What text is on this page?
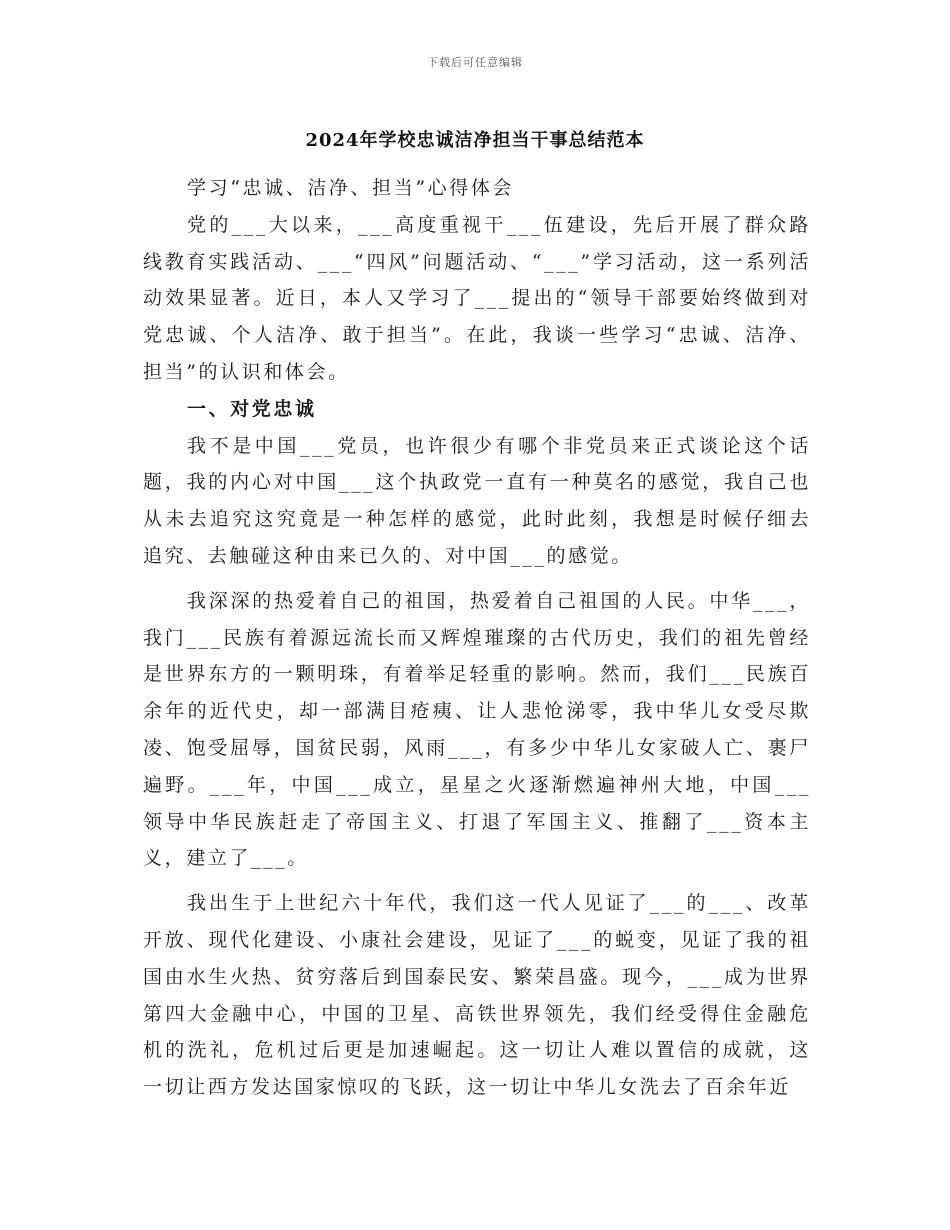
下载后可任意编辑
2024年学校忠诚洁净担当干事总结范本

学习“忠诚、洁净、担当”心得体会

党的___大以来，___高度重视干___伍建设，先后开展了群众路线教育实践活动、___“四风”问题活动、“___”学习活动，这一系列活动效果显著。近日，本人又学习了___提出的“领导干部要始终做到对党忠诚、个人洁净、敢于担当”。在此，我谈一些学习“忠诚、洁净、担当”的认识和体会。

一、对党忠诚

我不是中国___党员，也许很少有哪个非党员来正式谈论这个话题，我的内心对中国___这个执政党一直有一种莫名的感觉，我自己也从未去追究这究竟是一种怎样的感觉，此时此刻，我想是时候仔细去追究、去触碰这种由来已久的、对中国___的感觉。

我深深的热爱着自己的祖国，热爱着自己祖国的人民。中华___，我门___民族有着源远流长而又辉煌璀璨的古代历史，我们的祖先曾经是世界东方的一颗明珠，有着举足轻重的影响。然而，我们___民族百余年的近代史，却一部满目疮痍、让人悲怆涕零，我中华儿女受尽欺凌、饱受屈辱，国贫民弱，风雨___，有多少中华儿女家破人亡、裹尸遍野。___年，中国___成立，星星之火逐渐燃遍神州大地，中国___领导中华民族赶走了帝国主义、打退了军国主义、推翻了___资本主义，建立了___。

我出生于上世纪六十年代，我们这一代人见证了___的___、改革开放、现代化建设、小康社会建设，见证了___的蜕变，见证了我的祖国由水生火热、贫穷落后到国泰民安、繁荣昌盛。现今，___成为世界第四大金融中心，中国的卫星、高铁世界领先，我们经受得住金融危机的洗礼，危机过后更是加速崛起。这一切让人难以置信的成就，这一切让西方发达国家惊叹的飞跃，这一切让中华儿女洗去了百余年近
